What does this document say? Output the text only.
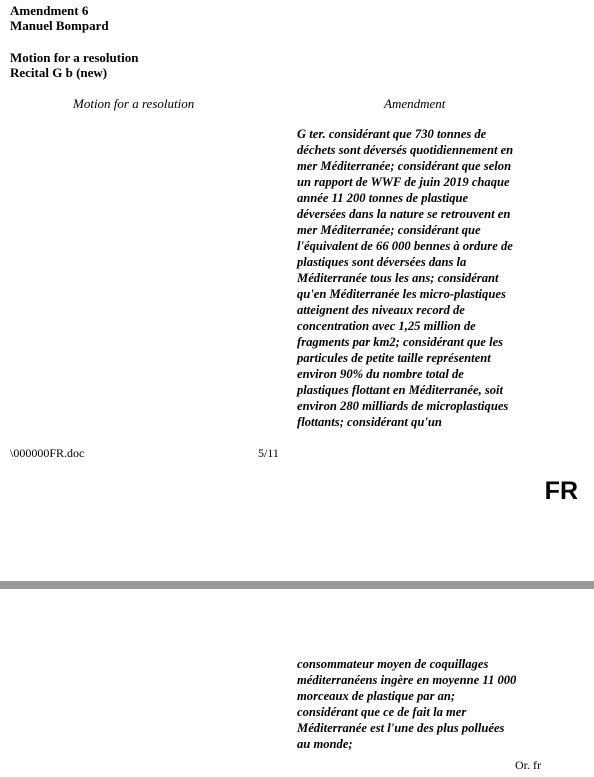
Amendment 6
Manuel Bompard
Motion for a resolution
Recital G b (new)
Motion for a resolution	Amendment
G ter. considérant que 730 tonnes de
déchets sont déversés quotidiennement en
mer Méditerranée; considérant que selon
un rapport de WWF de juin 2019 chaque
année 11 200 tonnes de plastique
déversées dans la nature se retrouvent en
mer Méditerranée; considérant que
l'équivalent de 66 000 bennes à ordure de
plastiques sont déversées dans la
Méditerranée tous les ans; considérant
qu'en Méditerranée les micro-plastiques
atteignent des niveaux record de
concentration avec 1,25 million de
fragments par km2; considérant que les
particules de petite taille représentent
environ 90% du nombre total de
plastiques flottant en Méditerranée, soit
environ 280 milliards de microplastiques
flottants; considérant qu'un
\000000FR.doc	5/11
FR
consommateur moyen de coquillages
méditerranéens ingère en moyenne 11 000
morceaux de plastique par an;
considérant que ce de fait la mer
Méditerranée est l'une des plus polluées
au monde;
Or. fr
